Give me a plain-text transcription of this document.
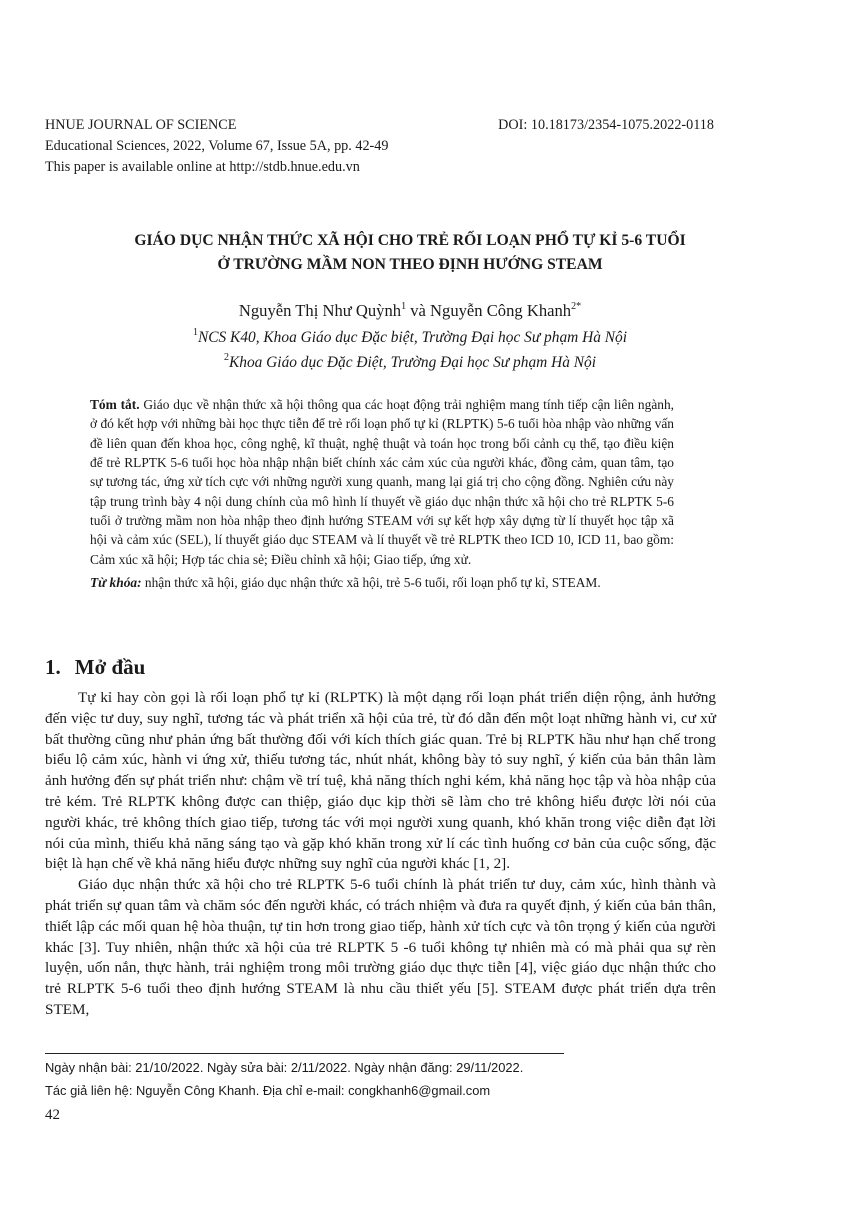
HNUE JOURNAL OF SCIENCE	DOI: 10.18173/2354-1075.2022-0118
Educational Sciences, 2022, Volume 67, Issue 5A, pp. 42-49
This paper is available online at http://stdb.hnue.edu.vn
GIÁO DỤC NHẬN THỨC XÃ HỘI CHO TRẺ RỐI LOẠN PHỔ TỰ KỈ 5-6 TUỔI
Ở TRƯỜNG MẦM NON THEO ĐỊNH HƯỚNG STEAM
Nguyễn Thị Như Quỳnh$^1$ và Nguyễn Công Khanh$^{2*}$
$^1$NCS K40, Khoa Giáo dục Đặc biệt, Trường Đại học Sư phạm Hà Nội
$^2$Khoa Giáo dục Đặc Điệt, Trường Đại học Sư phạm Hà Nội

Tóm tắt. Giáo dục về nhận thức xã hội thông qua các hoạt động trải nghiệm mang tính tiếp cận liên ngành, ở đó kết hợp với những bài học thực tiễn để trẻ rối loạn phổ tự kỉ (RLPTK) 5-6 tuổi hòa nhập vào những vấn đề liên quan đến khoa học, công nghệ, kĩ thuật, nghệ thuật và toán học trong bối cảnh cụ thể, tạo điều kiện để trẻ RLPTK 5-6 tuổi học hòa nhập nhận biết chính xác cảm xúc của người khác, đồng cảm, quan tâm, tạo sự tương tác, ứng xử tích cực với những người xung quanh, mang lại giá trị cho cộng đồng. Nghiên cứu này tập trung trình bày 4 nội dung chính của mô hình lí thuyết về giáo dục nhận thức xã hội cho trẻ RLPTK 5-6 tuổi ở trường mầm non hòa nhập theo định hướng STEAM với sự kết hợp xây dựng từ lí thuyết học tập xã hội và cảm xúc (SEL), lí thuyết giáo dục STEAM và lí thuyết về trẻ RLPTK theo ICD 10, ICD 11, bao gồm: Cảm xúc xã hội; Hợp tác chia sẻ; Điều chỉnh xã hội; Giao tiếp, ứng xử.

Từ khóa: nhận thức xã hội, giáo dục nhận thức xã hội, trẻ 5-6 tuổi, rối loạn phổ tự kỉ, STEAM.

1. Mở đầu

Tự kỉ hay còn gọi là rối loạn phổ tự kỉ (RLPTK) là một dạng rối loạn phát triển diện rộng, ảnh hưởng đến việc tư duy, suy nghĩ, tương tác và phát triển xã hội của trẻ, từ đó dẫn đến một loạt những hành vi, cư xử bất thường cũng như phản ứng bất thường đối với kích thích giác quan. Trẻ bị RLPTK hầu như hạn chế trong biểu lộ cảm xúc, hành vi ứng xử, thiếu tương tác, nhút nhát, không bày tỏ suy nghĩ, ý kiến của bản thân làm ảnh hưởng đến sự phát triển như: chậm về trí tuệ, khả năng thích nghi kém, khả năng học tập và hòa nhập của trẻ kém. Trẻ RLPTK không được can thiệp, giáo dục kịp thời sẽ làm cho trẻ không hiểu được lời nói của người khác, trẻ không thích giao tiếp, tương tác với mọi người xung quanh, khó khăn trong việc diễn đạt lời nói của mình, thiếu khả năng sáng tạo và gặp khó khăn trong xử lí các tình huống cơ bản của cuộc sống, đặc biệt là hạn chế về khả năng hiểu được những suy nghĩ của người khác [1, 2].

Giáo dục nhận thức xã hội cho trẻ RLPTK 5-6 tuổi chính là phát triển tư duy, cảm xúc, hình thành và phát triển sự quan tâm và chăm sóc đến người khác, có trách nhiệm và đưa ra quyết định, ý kiến của bản thân, thiết lập các mối quan hệ hòa thuận, tự tin hơn trong giao tiếp, hành xử tích cực và tôn trọng ý kiến của người khác [3]. Tuy nhiên, nhận thức xã hội của trẻ RLPTK 5 -6 tuổi không tự nhiên mà có mà phải qua sự rèn luyện, uốn nắn, thực hành, trải nghiệm trong môi trường giáo dục thực tiễn [4], việc giáo dục nhận thức cho trẻ RLPTK 5-6 tuổi theo định hướng STEAM là nhu cầu thiết yếu [5]. STEAM được phát triển dựa trên STEM,

Ngày nhận bài: 21/10/2022. Ngày sửa bài: 2/11/2022. Ngày nhận đăng: 29/11/2022.
Tác giả liên hệ: Nguyễn Công Khanh. Địa chỉ e-mail: congkhanh6@gmail.com
42
